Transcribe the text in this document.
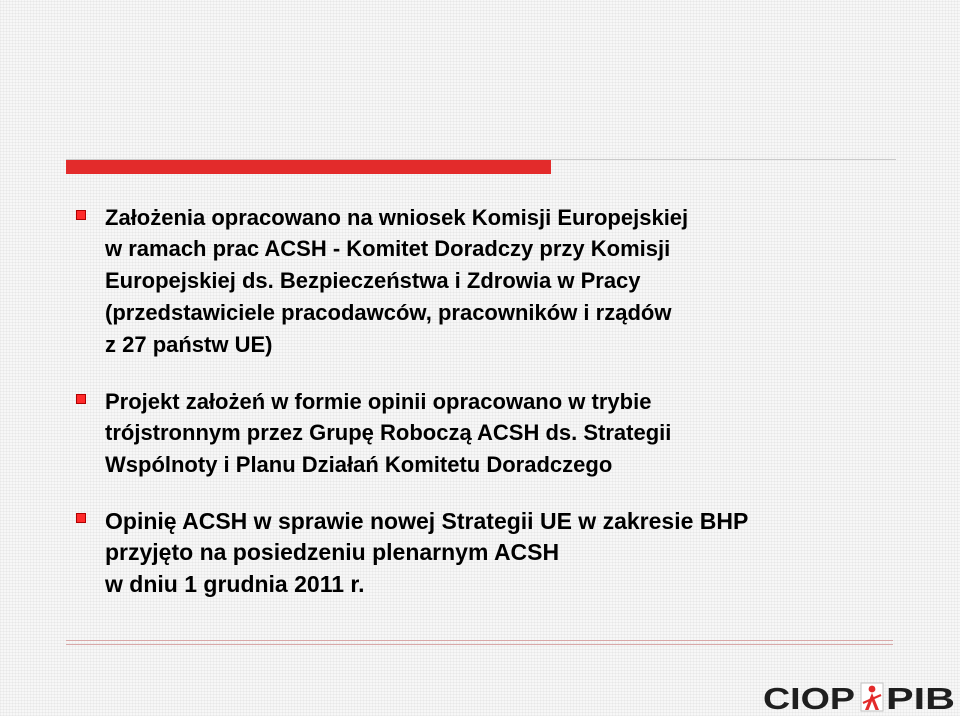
Założenia opracowano na wniosek Komisji Europejskiej
w ramach prac ACSH - Komitet Doradczy przy Komisji
Europejskiej ds. Bezpieczeństwa i Zdrowia w Pracy
(przedstawiciele pracodawców, pracowników i rządów
z 27 państw UE)
Projekt założeń w formie opinii opracowano w trybie
trójstronnym przez Grupę Roboczą ACSH ds. Strategii
Wspólnoty i Planu Działań Komitetu Doradczego
Opinię ACSH w sprawie nowej Strategii UE w zakresie BHP
przyjęto na posiedzeniu plenarnym ACSH
w dniu 1 grudnia 2011 r.
CIOP PIB
